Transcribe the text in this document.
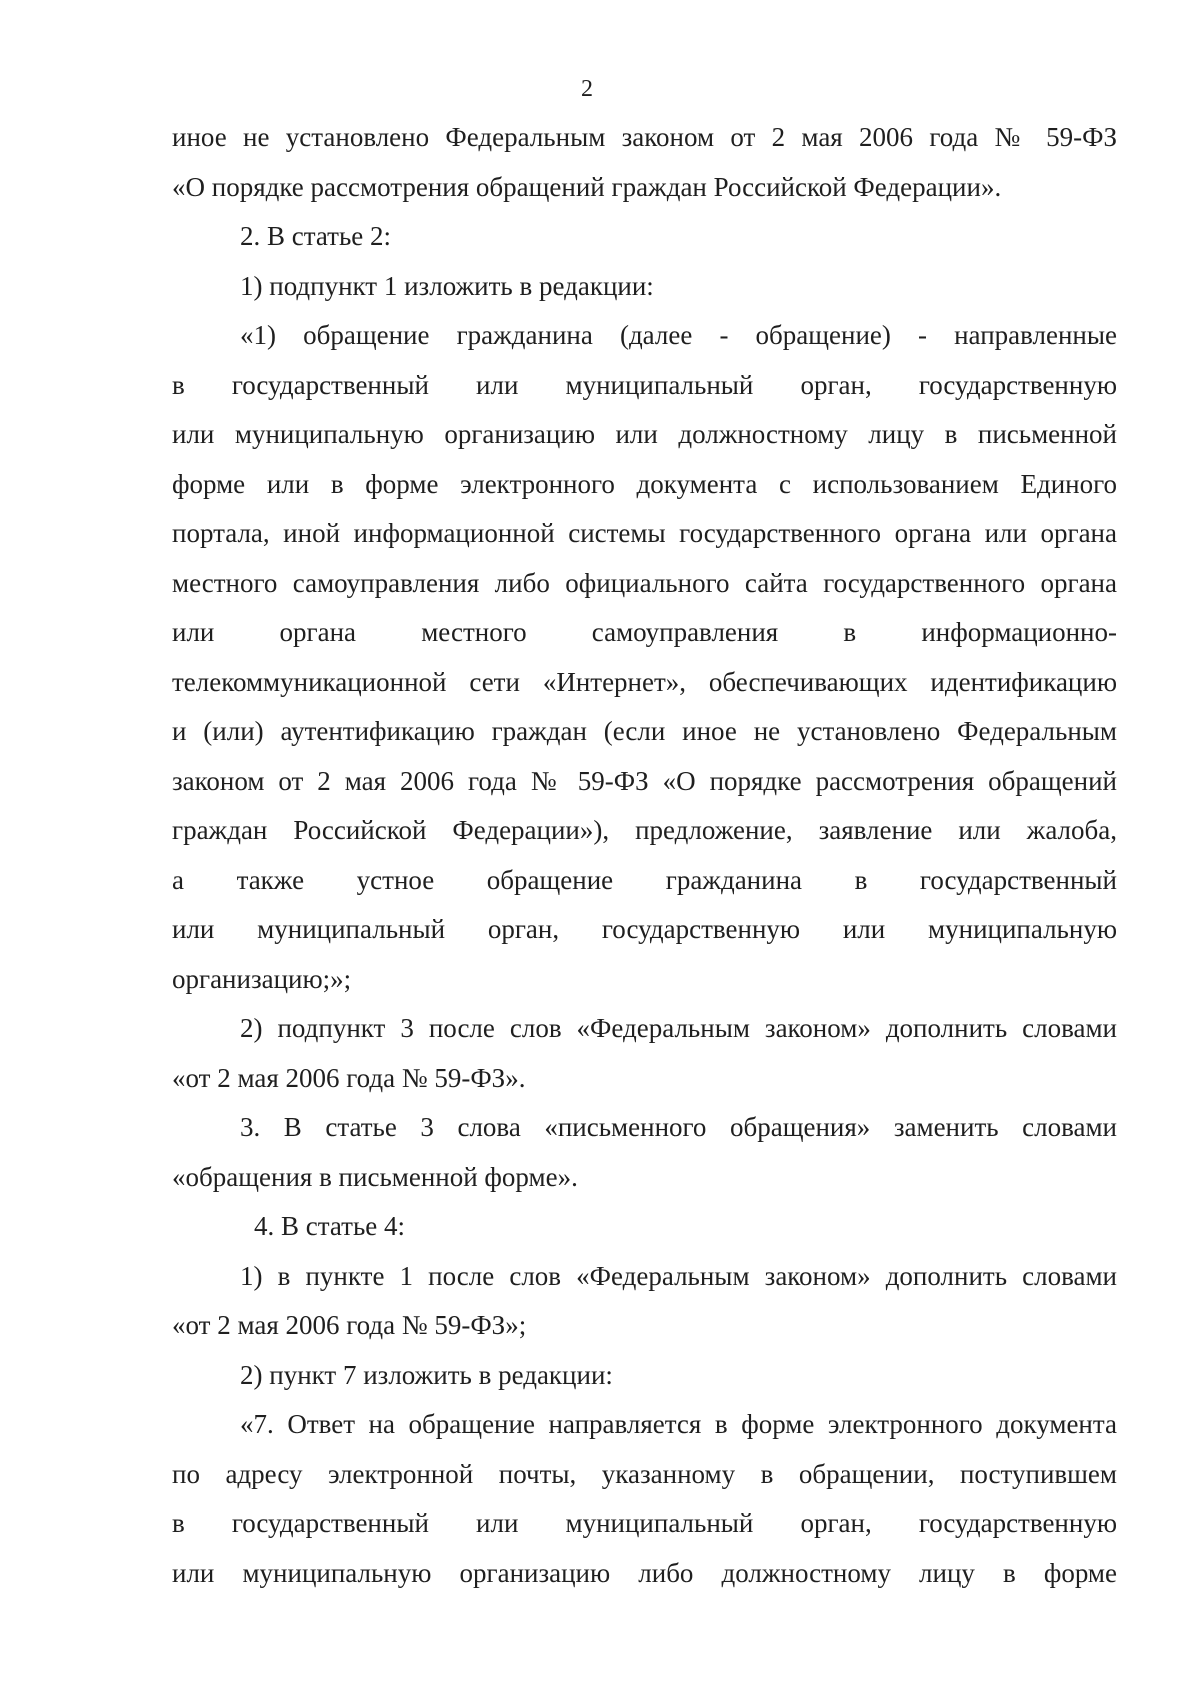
2

иное не установлено Федеральным законом от 2 мая 2006 года № 59-ФЗ

«О порядке рассмотрения обращений граждан Российской Федерации».

2. В статье 2:

1) подпункт 1 изложить в редакции:

«1) обращение гражданина (далее - обращение) - направленные

в государственный или муниципальный орган, государственную

или муниципальную организацию или должностному лицу в письменной

форме или в форме электронного документа с использованием Единого

портала, иной информационной системы государственного органа или органа

местного самоуправления либо официального сайта государственного органа

или органа местного самоуправления в информационно-

телекоммуникационной сети «Интернет», обеспечивающих идентификацию

и (или) аутентификацию граждан (если иное не установлено Федеральным

законом от 2 мая 2006 года № 59-ФЗ «О порядке рассмотрения обращений

граждан Российской Федерации»), предложение, заявление или жалоба,

а также устное обращение гражданина в государственный

или муниципальный орган, государственную или муниципальную

организацию;»;

2) подпункт 3 после слов «Федеральным законом» дополнить словами

«от 2 мая 2006 года № 59-ФЗ».

3. В статье 3 слова «письменного обращения» заменить словами

«обращения в письменной форме».

4. В статье 4:

1) в пункте 1 после слов «Федеральным законом» дополнить словами

«от 2 мая 2006 года № 59-ФЗ»;

2) пункт 7 изложить в редакции:

«7. Ответ на обращение направляется в форме электронного документа

по адресу электронной почты, указанному в обращении, поступившем

в государственный или муниципальный орган, государственную

или муниципальную организацию либо должностному лицу в форме
